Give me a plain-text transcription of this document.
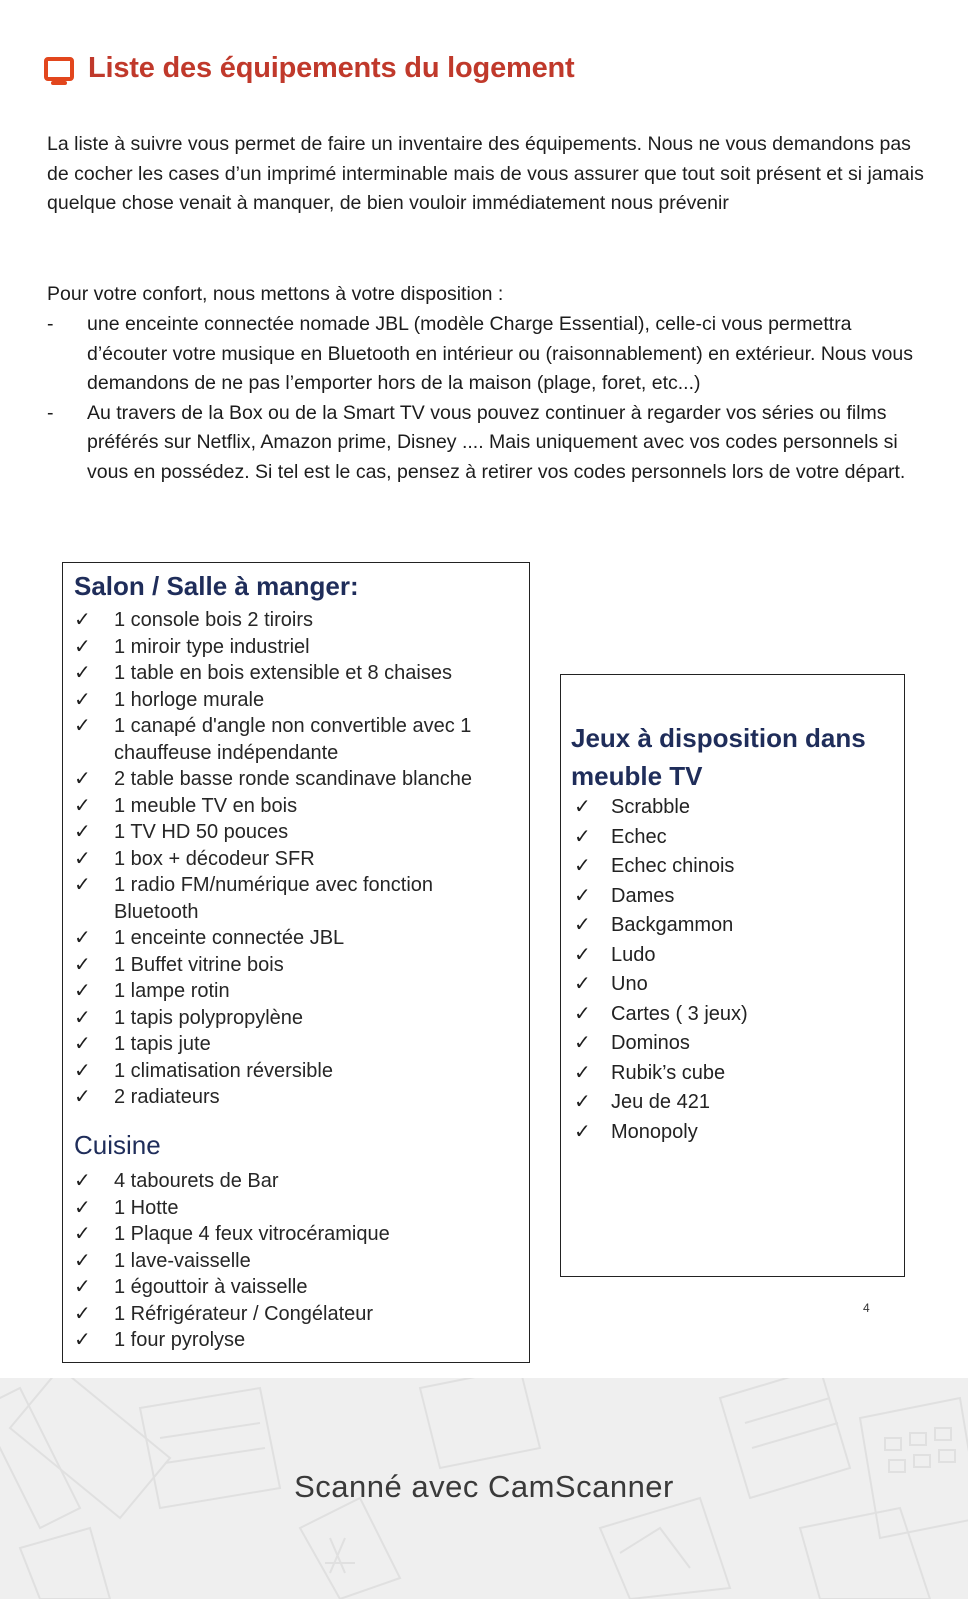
Liste des équipements du logement
La liste à suivre vous permet de faire un inventaire des équipements. Nous ne vous demandons pas de cocher les cases d’un imprimé interminable mais de vous assurer que tout soit présent et si jamais quelque chose venait à manquer, de bien vouloir immédiatement nous prévenir
Pour votre confort, nous mettons à votre disposition :
-	une enceinte connectée nomade JBL (modèle Charge Essential), celle-ci vous permettra d’écouter votre musique en Bluetooth en intérieur ou (raisonnablement) en extérieur. Nous vous demandons de ne pas l’emporter hors de la maison (plage, foret, etc...)
-	Au travers de la Box ou de la Smart TV vous pouvez continuer à regarder vos séries ou films préférés sur Netflix, Amazon prime, Disney .... Mais uniquement avec vos codes personnels si vous en possédez. Si tel est le cas, pensez à retirer vos codes personnels lors de votre départ.
Salon / Salle à manger:
✓ 1 console bois 2 tiroirs
✓ 1 miroir type industriel
✓ 1 table en bois extensible et 8 chaises
✓ 1 horloge murale
✓ 1 canapé d'angle non convertible avec 1 chauffeuse indépendante
✓ 2 table basse ronde scandinave blanche
✓ 1 meuble TV en bois
✓ 1 TV HD 50 pouces
✓ 1 box + décodeur SFR
✓ 1 radio FM/numérique avec fonction Bluetooth
✓ 1 enceinte connectée JBL
✓ 1 Buffet vitrine bois
✓ 1 lampe rotin
✓ 1 tapis polypropylène
✓ 1 tapis jute
✓ 1 climatisation réversible
✓ 2 radiateurs
Cuisine
✓ 4 tabourets de Bar
✓ 1 Hotte
✓ 1 Plaque 4 feux vitrocéramique
✓ 1 lave-vaisselle
✓ 1 égouttoir à vaisselle
✓ 1 Réfrigérateur / Congélateur
✓ 1 four pyrolyse
Jeux à disposition dans meuble TV
✓ Scrabble
✓ Echec
✓ Echec chinois
✓ Dames
✓ Backgammon
✓ Ludo
✓ Uno
✓ Cartes ( 3 jeux)
✓ Dominos
✓ Rubik’s cube
✓ Jeu de 421
✓ Monopoly
4
Scanné avec CamScanner
